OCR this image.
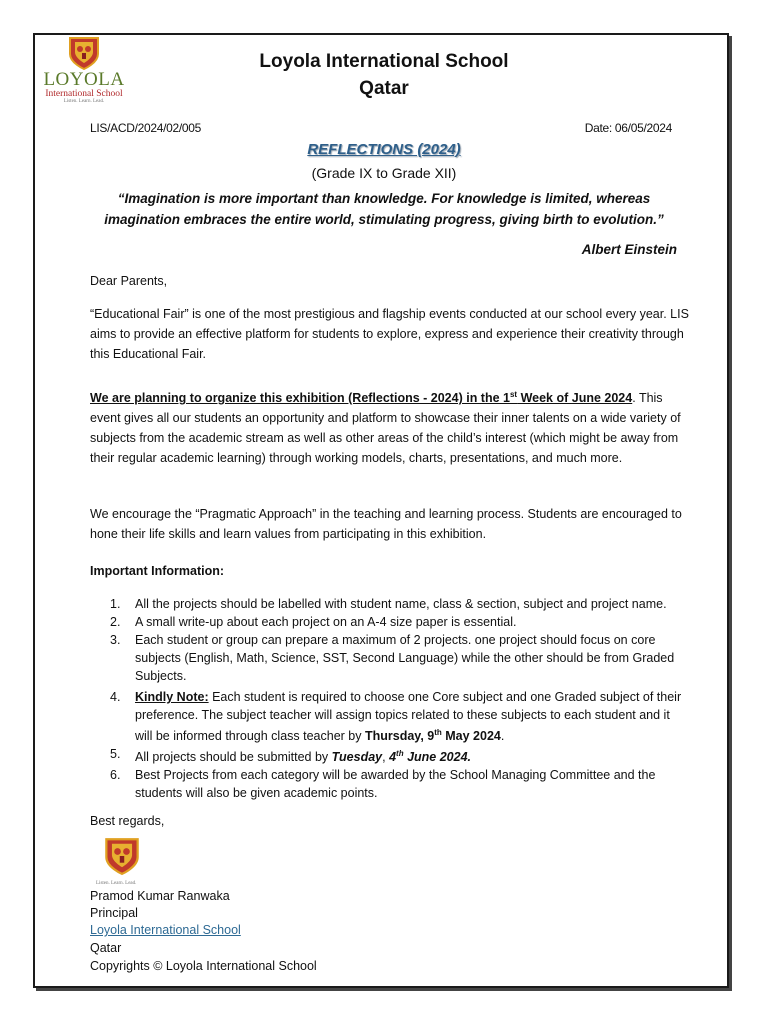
LOYOLA
International School
Listen. Learn. Lead.
Loyola International School
Qatar
LIS/ACD/2024/02/005	Date: 06/05/2024
REFLECTIONS (2024)
(Grade IX to Grade XII)
“Imagination is more important than knowledge. For knowledge is limited, whereas
imagination embraces the entire world, stimulating progress, giving birth to evolution.”
Albert Einstein
Dear Parents,
“Educational Fair” is one of the most prestigious and flagship events conducted at our school every year. LIS aims to provide an effective platform for students to explore, express and experience their creativity through this Educational Fair.
We are planning to organize this exhibition (Reflections - 2024) in the 1st Week of June 2024. This event gives all our students an opportunity and platform to showcase their inner talents on a wide variety of subjects from the academic stream as well as other areas of the child’s interest (which might be away from their regular academic learning) through working models, charts, presentations, and much more.
We encourage the “Pragmatic Approach” in the teaching and learning process. Students are encouraged to hone their life skills and learn values from participating in this exhibition.
Important Information:
1. All the projects should be labelled with student name, class & section, subject and project name.
2. A small write-up about each project on an A-4 size paper is essential.
3. Each student or group can prepare a maximum of 2 projects. one project should focus on core subjects (English, Math, Science, SST, Second Language) while the other should be from Graded Subjects.
4. Kindly Note: Each student is required to choose one Core subject and one Graded subject of their preference. The subject teacher will assign topics related to these subjects to each student and it will be informed through class teacher by Thursday, 9th May 2024.
5. All projects should be submitted by Tuesday, 4th June 2024.
6. Best Projects from each category will be awarded by the School Managing Committee and the students will also be given academic points.
Best regards,
Listen. Learn. Lead.
Pramod Kumar Ranwaka
Principal
Loyola International School
Qatar
Copyrights © Loyola International School
